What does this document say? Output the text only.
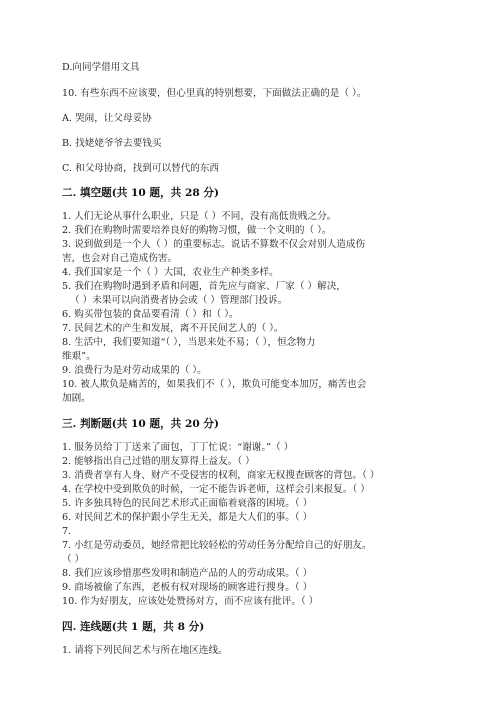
D.向同学借用文具
10. 有些东西不应该要，但心里真的特别想要，下面做法正确的是（ ）。
A. 哭闹，让父母妥协
B. 找姥姥爷爷去要钱买
C. 和父母协商，找到可以替代的东西
二. 填空题(共 10 题，共 28 分)
1. 人们无论从事什么职业，只是（ ）不同，没有高低贵贱之分。
2. 我们在购物时需要培养良好的购物习惯，做一个文明的（ ）。
3. 说到做到是一个人（ ）的重要标志。说话不算数不仅会对别人造成伤
害，也会对自己造成伤害。
4. 我们国家是一个（ ）大国，农业生产种类多样。
5. 我们在购物时遇到矛盾和问题，首先应与商家、厂家（ ）解决，
（ ）未果可以向消费者协会或（ ）管理部门投诉。
6. 购买带包装的食品要看清（ ）和（ ）。
7. 民间艺术的产生和发展，离不开民间艺人的（ ）。
8. 生活中，我们要知道“（ ），当思来处不易；（ ），恒念物力
维艰”。
9. 浪费行为是对劳动成果的（ ）。
10. 被人欺负是痛苦的，如果我们不（ ），欺负可能变本加厉，痛苦也会
加剧。
三. 判断题(共 10 题，共 20 分)
1. 服务员给丁丁送来了面包，丁丁忙说：“谢谢。”（ ）
2. 能够指出自己过错的朋友算得上益友。（ ）
3. 消费者享有人身、财产不受侵害的权利，商家无权搜查顾客的背包。（ ）
4. 在学校中受到欺负的时候，一定不能告诉老师，这样会引来报复。（ ）
5. 许多独具特色的民间艺术形式正面临着衰落的困境。（ ）
6. 对民间艺术的保护跟小学生无关，都是大人们的事。（ ）
7.
7. 小红是劳动委员，她经常把比较轻松的劳动任务分配给自己的好朋友。
（ ）
8. 我们应该珍惜那些发明和制造产品的人的劳动成果。（ ）
9. 商场被偷了东西，老板有权对现场的顾客进行搜身。（ ）
10. 作为好朋友，应该处处赞扬对方，而不应该有批评。（ ）
四. 连线题(共 1 题，共 8 分)
1. 请将下列民间艺术与所在地区连线。
